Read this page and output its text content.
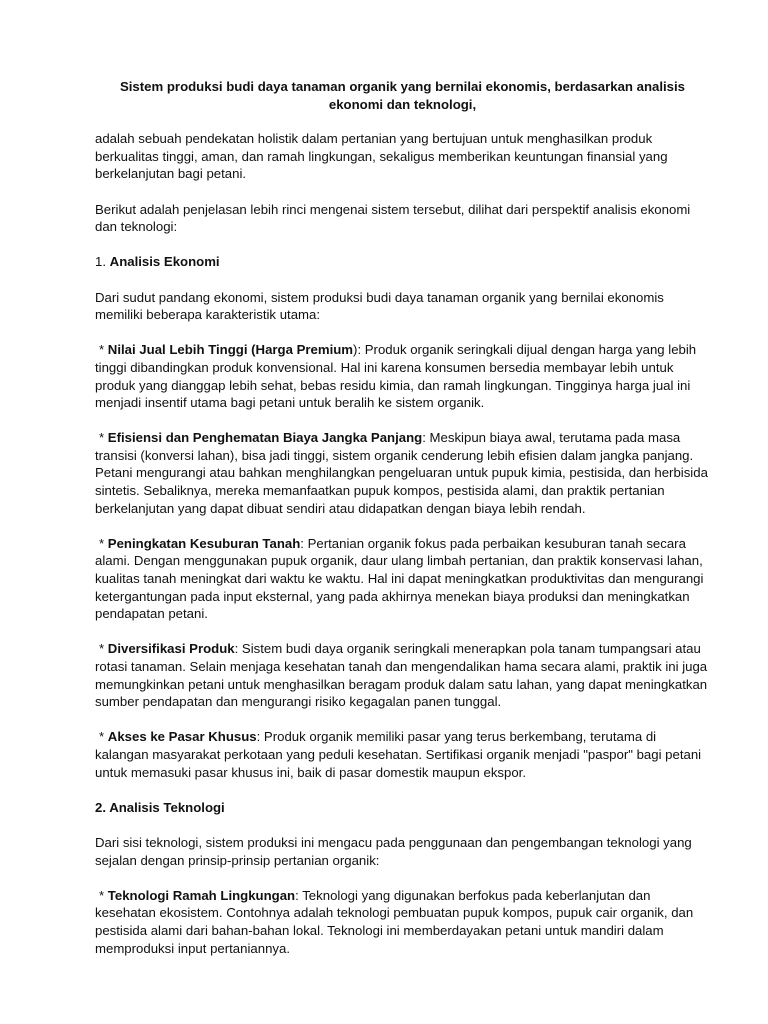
Sistem produksi budi daya tanaman organik yang bernilai ekonomis, berdasarkan analisis ekonomi dan teknologi,

adalah sebuah pendekatan holistik dalam pertanian yang bertujuan untuk menghasilkan produk berkualitas tinggi, aman, dan ramah lingkungan, sekaligus memberikan keuntungan finansial yang berkelanjutan bagi petani.

Berikut adalah penjelasan lebih rinci mengenai sistem tersebut, dilihat dari perspektif analisis ekonomi dan teknologi:

1. Analisis Ekonomi

Dari sudut pandang ekonomi, sistem produksi budi daya tanaman organik yang bernilai ekonomis memiliki beberapa karakteristik utama:

* Nilai Jual Lebih Tinggi (Harga Premium): Produk organik seringkali dijual dengan harga yang lebih tinggi dibandingkan produk konvensional. Hal ini karena konsumen bersedia membayar lebih untuk produk yang dianggap lebih sehat, bebas residu kimia, dan ramah lingkungan. Tingginya harga jual ini menjadi insentif utama bagi petani untuk beralih ke sistem organik.

* Efisiensi dan Penghematan Biaya Jangka Panjang: Meskipun biaya awal, terutama pada masa transisi (konversi lahan), bisa jadi tinggi, sistem organik cenderung lebih efisien dalam jangka panjang. Petani mengurangi atau bahkan menghilangkan pengeluaran untuk pupuk kimia, pestisida, dan herbisida sintetis. Sebaliknya, mereka memanfaatkan pupuk kompos, pestisida alami, dan praktik pertanian berkelanjutan yang dapat dibuat sendiri atau didapatkan dengan biaya lebih rendah.

* Peningkatan Kesuburan Tanah: Pertanian organik fokus pada perbaikan kesuburan tanah secara alami. Dengan menggunakan pupuk organik, daur ulang limbah pertanian, dan praktik konservasi lahan, kualitas tanah meningkat dari waktu ke waktu. Hal ini dapat meningkatkan produktivitas dan mengurangi ketergantungan pada input eksternal, yang pada akhirnya menekan biaya produksi dan meningkatkan pendapatan petani.

* Diversifikasi Produk: Sistem budi daya organik seringkali menerapkan pola tanam tumpangsari atau rotasi tanaman. Selain menjaga kesehatan tanah dan mengendalikan hama secara alami, praktik ini juga memungkinkan petani untuk menghasilkan beragam produk dalam satu lahan, yang dapat meningkatkan sumber pendapatan dan mengurangi risiko kegagalan panen tunggal.

* Akses ke Pasar Khusus: Produk organik memiliki pasar yang terus berkembang, terutama di kalangan masyarakat perkotaan yang peduli kesehatan. Sertifikasi organik menjadi "paspor" bagi petani untuk memasuki pasar khusus ini, baik di pasar domestik maupun ekspor.

2. Analisis Teknologi

Dari sisi teknologi, sistem produksi ini mengacu pada penggunaan dan pengembangan teknologi yang sejalan dengan prinsip-prinsip pertanian organik:

* Teknologi Ramah Lingkungan: Teknologi yang digunakan berfokus pada keberlanjutan dan kesehatan ekosistem. Contohnya adalah teknologi pembuatan pupuk kompos, pupuk cair organik, dan pestisida alami dari bahan-bahan lokal. Teknologi ini memberdayakan petani untuk mandiri dalam memproduksi input pertaniannya.
